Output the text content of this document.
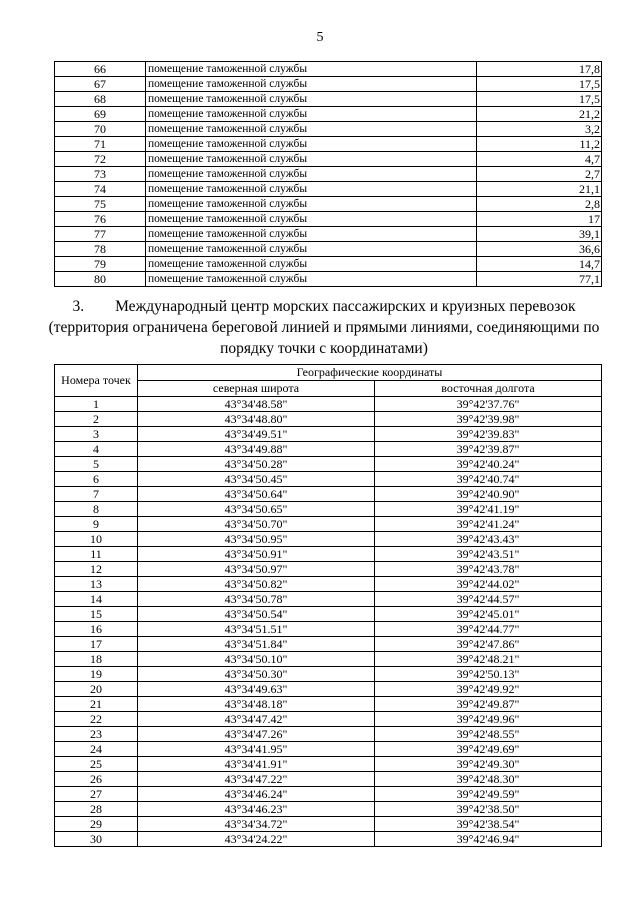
5
66	помещение таможенной службы	17,8
67	помещение таможенной службы	17,5
68	помещение таможенной службы	17,5
69	помещение таможенной службы	21,2
70	помещение таможенной службы	3,2
71	помещение таможенной службы	11,2
72	помещение таможенной службы	4,7
73	помещение таможенной службы	2,7
74	помещение таможенной службы	21,1
75	помещение таможенной службы	2,8
76	помещение таможенной службы	17
77	помещение таможенной службы	39,1
78	помещение таможенной службы	36,6
79	помещение таможенной службы	14,7
80	помещение таможенной службы	77,1
3. Международный центр морских пассажирских и круизных перевозок
(территория ограничена береговой линией и прямыми линиями, соединяющими по порядку точки с координатами)
Номера точек	Географические координаты	
	северная широта	восточная долгота
1	43°34'48.58"	39°42'37.76"
2	43°34'48.80"	39°42'39.98"
3	43°34'49.51"	39°42'39.83"
4	43°34'49.88"	39°42'39.87"
5	43°34'50.28"	39°42'40.24"
6	43°34'50.45"	39°42'40.74"
7	43°34'50.64"	39°42'40.90"
8	43°34'50.65"	39°42'41.19"
9	43°34'50.70"	39°42'41.24"
10	43°34'50.95"	39°42'43.43"
11	43°34'50.91"	39°42'43.51"
12	43°34'50.97"	39°42'43.78"
13	43°34'50.82"	39°42'44.02"
14	43°34'50.78"	39°42'44.57"
15	43°34'50.54"	39°42'45.01"
16	43°34'51.51"	39°42'44.77"
17	43°34'51.84"	39°42'47.86"
18	43°34'50.10"	39°42'48.21"
19	43°34'50.30"	39°42'50.13"
20	43°34'49.63"	39°42'49.92"
21	43°34'48.18"	39°42'49.87"
22	43°34'47.42"	39°42'49.96"
23	43°34'47.26"	39°42'48.55"
24	43°34'41.95"	39°42'49.69"
25	43°34'41.91"	39°42'49.30"
26	43°34'47.22"	39°42'48.30"
27	43°34'46.24"	39°42'49.59"
28	43°34'46.23"	39°42'38.50"
29	43°34'34.72"	39°42'38.54"
30	43°34'24.22"	39°42'46.94"
